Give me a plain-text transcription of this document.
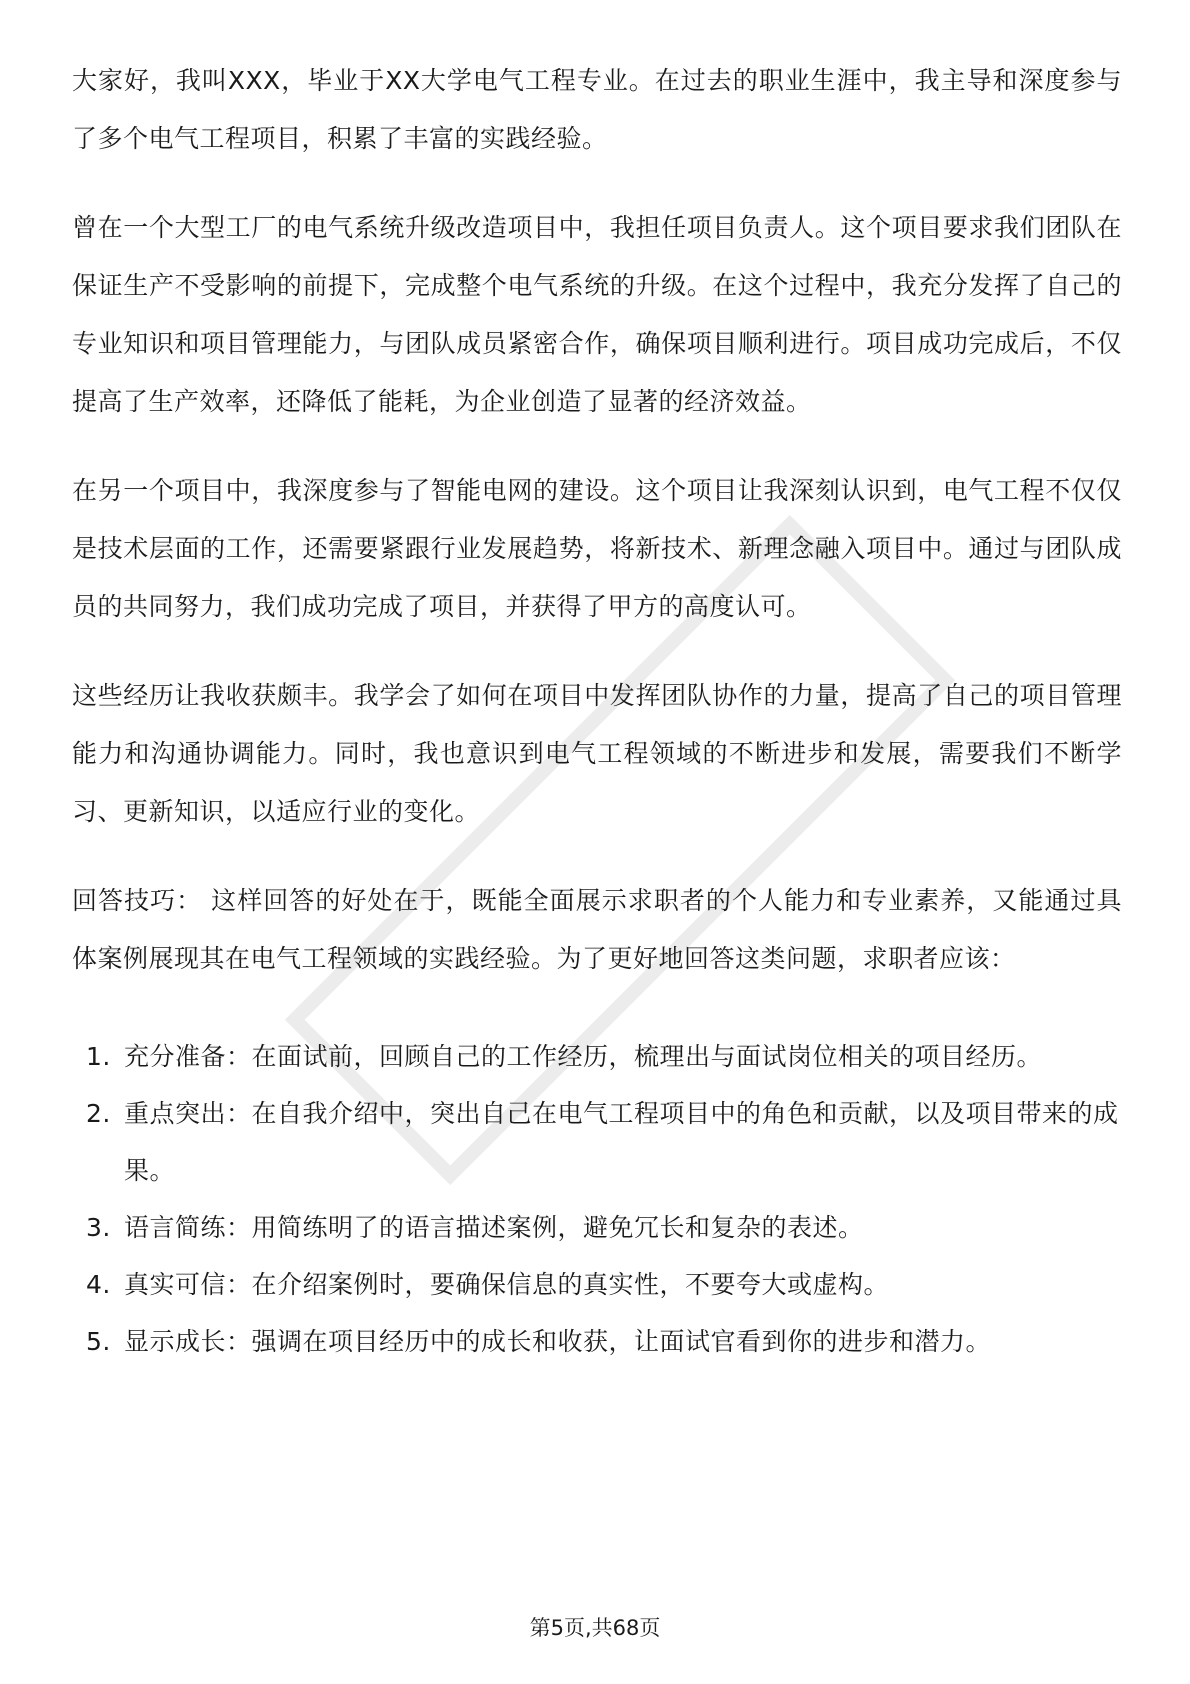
大家好，我叫XXX，毕业于XX大学电气工程专业。在过去的职业生涯中，我主导和深度参与了多个电气工程项目，积累了丰富的实践经验。

曾在一个大型工厂的电气系统升级改造项目中，我担任项目负责人。这个项目要求我们团队在保证生产不受影响的前提下，完成整个电气系统的升级。在这个过程中，我充分发挥了自己的专业知识和项目管理能力，与团队成员紧密合作，确保项目顺利进行。项目成功完成后，不仅提高了生产效率，还降低了能耗，为企业创造了显著的经济效益。

在另一个项目中，我深度参与了智能电网的建设。这个项目让我深刻认识到，电气工程不仅仅是技术层面的工作，还需要紧跟行业发展趋势，将新技术、新理念融入项目中。通过与团队成员的共同努力，我们成功完成了项目，并获得了甲方的高度认可。

这些经历让我收获颇丰。我学会了如何在项目中发挥团队协作的力量，提高了自己的项目管理能力和沟通协调能力。同时，我也意识到电气工程领域的不断进步和发展，需要我们不断学习、更新知识，以适应行业的变化。

回答技巧： 这样回答的好处在于，既能全面展示求职者的个人能力和专业素养，又能通过具体案例展现其在电气工程领域的实践经验。为了更好地回答这类问题，求职者应该：

1. 充分准备：在面试前，回顾自己的工作经历，梳理出与面试岗位相关的项目经历。
2. 重点突出：在自我介绍中，突出自己在电气工程项目中的角色和贡献，以及项目带来的成果。
3. 语言简练：用简练明了的语言描述案例，避免冗长和复杂的表述。
4. 真实可信：在介绍案例时，要确保信息的真实性，不要夸大或虚构。
5. 显示成长：强调在项目经历中的成长和收获，让面试官看到你的进步和潜力。
第5页,共68页
